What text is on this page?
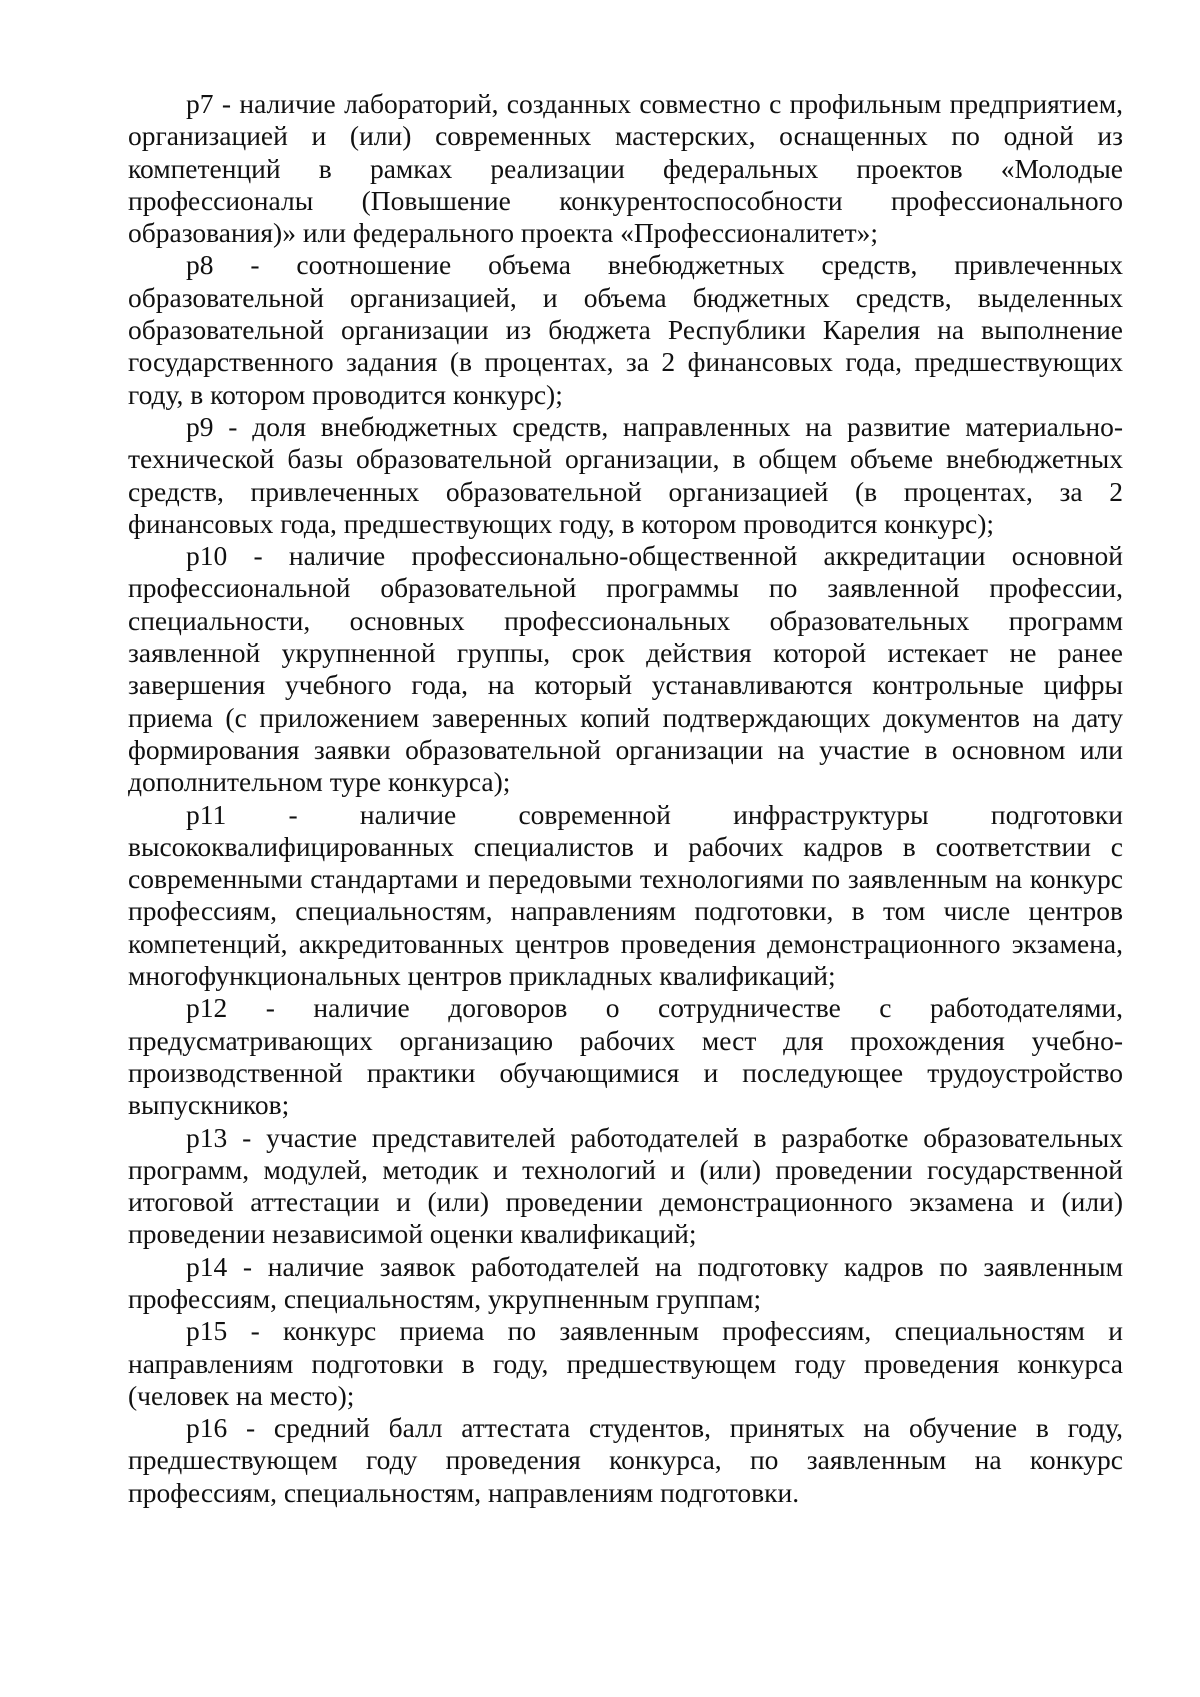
р7 - наличие лабораторий, созданных совместно с профильным предприятием, организацией и (или) современных мастерских, оснащенных по одной из компетенций в рамках реализации федеральных проектов «Молодые профессионалы (Повышение конкурентоспособности профессионального образования)» или федерального проекта «Профессионалитет»;

р8 - соотношение объема внебюджетных средств, привлеченных образовательной организацией, и объема бюджетных средств, выделенных образовательной организации из бюджета Республики Карелия на выполнение государственного задания (в процентах, за 2 финансовых года, предшествующих году, в котором проводится конкурс);

р9 - доля внебюджетных средств, направленных на развитие материально-технической базы образовательной организации, в общем объеме внебюджетных средств, привлеченных образовательной организацией (в процентах, за 2 финансовых года, предшествующих году, в котором проводится конкурс);

р10 - наличие профессионально-общественной аккредитации основной профессиональной образовательной программы по заявленной профессии, специальности, основных профессиональных образовательных программ заявленной укрупненной группы, срок действия которой истекает не ранее завершения учебного года, на который устанавливаются контрольные цифры приема (с приложением заверенных копий подтверждающих документов на дату формирования заявки образовательной организации на участие в основном или дополнительном туре конкурса);

р11 - наличие современной инфраструктуры подготовки высококвалифицированных специалистов и рабочих кадров в соответствии с современными стандартами и передовыми технологиями по заявленным на конкурс профессиям, специальностям, направлениям подготовки, в том числе центров компетенций, аккредитованных центров проведения демонстрационного экзамена, многофункциональных центров прикладных квалификаций;

р12 - наличие договоров о сотрудничестве с работодателями, предусматривающих организацию рабочих мест для прохождения учебно-производственной практики обучающимися и последующее трудоустройство выпускников;

р13 - участие представителей работодателей в разработке образовательных программ, модулей, методик и технологий и (или) проведении государственной итоговой аттестации и (или) проведении демонстрационного экзамена и (или) проведении независимой оценки квалификаций;

р14 - наличие заявок работодателей на подготовку кадров по заявленным профессиям, специальностям, укрупненным группам;

р15 - конкурс приема по заявленным профессиям, специальностям и направлениям подготовки в году, предшествующем году проведения конкурса (человек на место);

р16 - средний балл аттестата студентов, принятых на обучение в году, предшествующем году проведения конкурса, по заявленным на конкурс профессиям, специальностям, направлениям подготовки.
